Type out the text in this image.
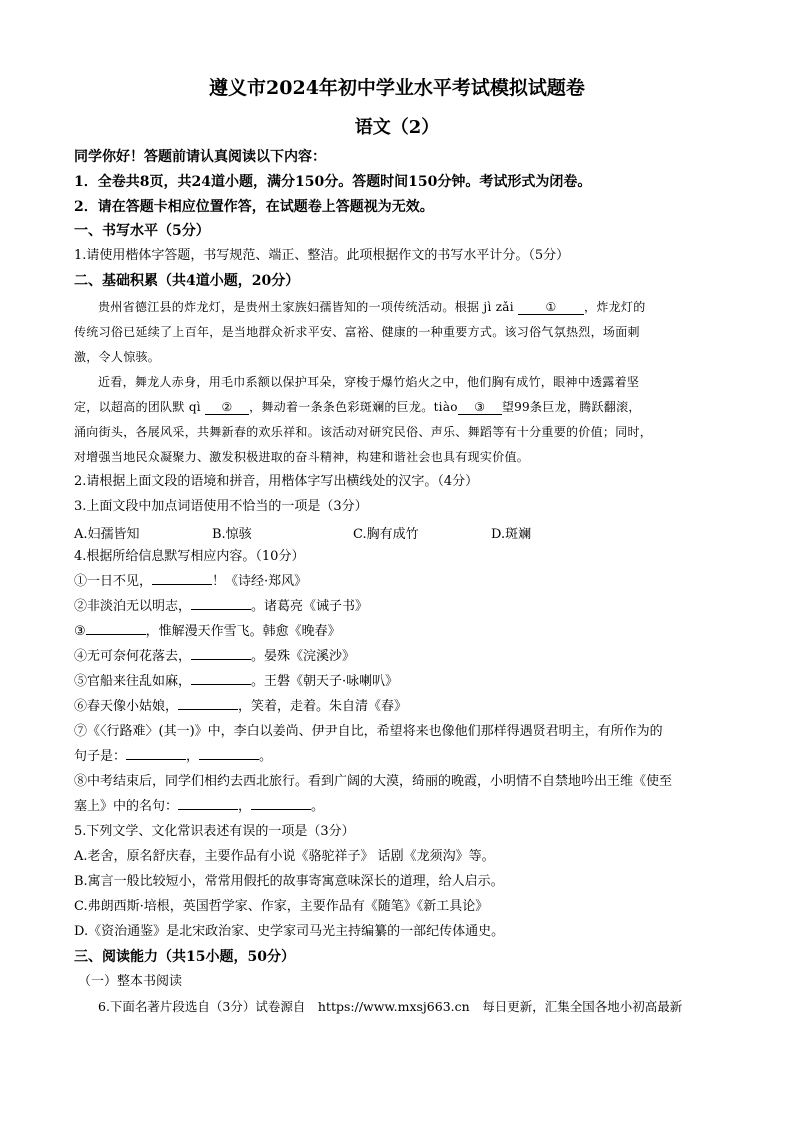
遵义市2024年初中学业水平考试模拟试题卷
语文（2）
同学你好！答题前请认真阅读以下内容：
1．全卷共8页，共24道小题，满分150分。答题时间150分钟。考试形式为闭卷。
2．请在答题卡相应位置作答，在试题卷上答题视为无效。
一、书写水平（5分）
1.请使用楷体字答题，书写规范、端正、整洁。此项根据作文的书写水平计分。（5分）
二、基础积累（共4道小题，20分）
贵州省德江县的炸龙灯，是贵州土家族妇孺皆知的一项传统活动。根据 jì zǎi	① ，炸龙灯的
传统习俗已延续了上百年，是当地群众祈求平安、富裕、健康的一种重要方式。该习俗气氛热烈，场面刺
激，令人惊骇。
近看，舞龙人赤身，用毛巾系额以保护耳朵，穿梭于爆竹焰火之中，他们胸有成竹，眼神中透露着坚
定，以超高的团队默 qì ② ，舞动着一条条色彩斑斓的巨龙。tiào ③ 望99条巨龙，腾跃翻滚，
涌向街头，各展风采，共舞新春的欢乐祥和。该活动对研究民俗、声乐、舞蹈等有十分重要的价值；同时，
对增强当地民众凝聚力、激发积极进取的奋斗精神，构建和谐社会也具有现实价值。
2.请根据上面文段的语境和拼音，用楷体字写出横线处的汉字。（4分）
3.上面文段中加点词语使用不恰当的一项是（3分）
A.妇孺皆知	B.惊骇	C.胸有成竹	D.斑斓
4.根据所给信息默写相应内容。（10分）
①一日不见，	！《诗经·郑风》
②非淡泊无以明志，	。诸葛亮《诫子书》
③	，惟解漫天作雪飞。韩愈《晚春》
④无可奈何花落去，	。晏殊《浣溪沙》
⑤官船来往乱如麻，	。王磐《朝天子·咏喇叭》
⑥春天像小姑娘，	，笑着，走着。朱自清《春》
⑦《〈行路难〉(其一)》中，李白以姜尚、伊尹自比，希望将来也像他们那样得遇贤君明主，有所作为的
句子是：	，	。
⑧中考结束后，同学们相约去西北旅行。看到广阔的大漠，绮丽的晚霞，小明情不自禁地吟出王维《使至
塞上》中的名句：	，	。
5.下列文学、文化常识表述有误的一项是（3分）
A.老舍，原名舒庆春，主要作品有小说《骆驼祥子》 话剧《龙须沟》等。
B.寓言一般比较短小，常常用假托的故事寄寓意味深长的道理，给人启示。
C.弗朗西斯·培根，英国哲学家、作家，主要作品有《随笔》《新工具论》
D.《资治通鉴》是北宋政治家、史学家司马光主持编纂的一部纪传体通史。
三、阅读能力（共15小题，50分）
（一）整本书阅读
6.下面名著片段选自（3分）试卷源自　https://www.mxsj663.cn　每日更新，汇集全国各地小初高最新
